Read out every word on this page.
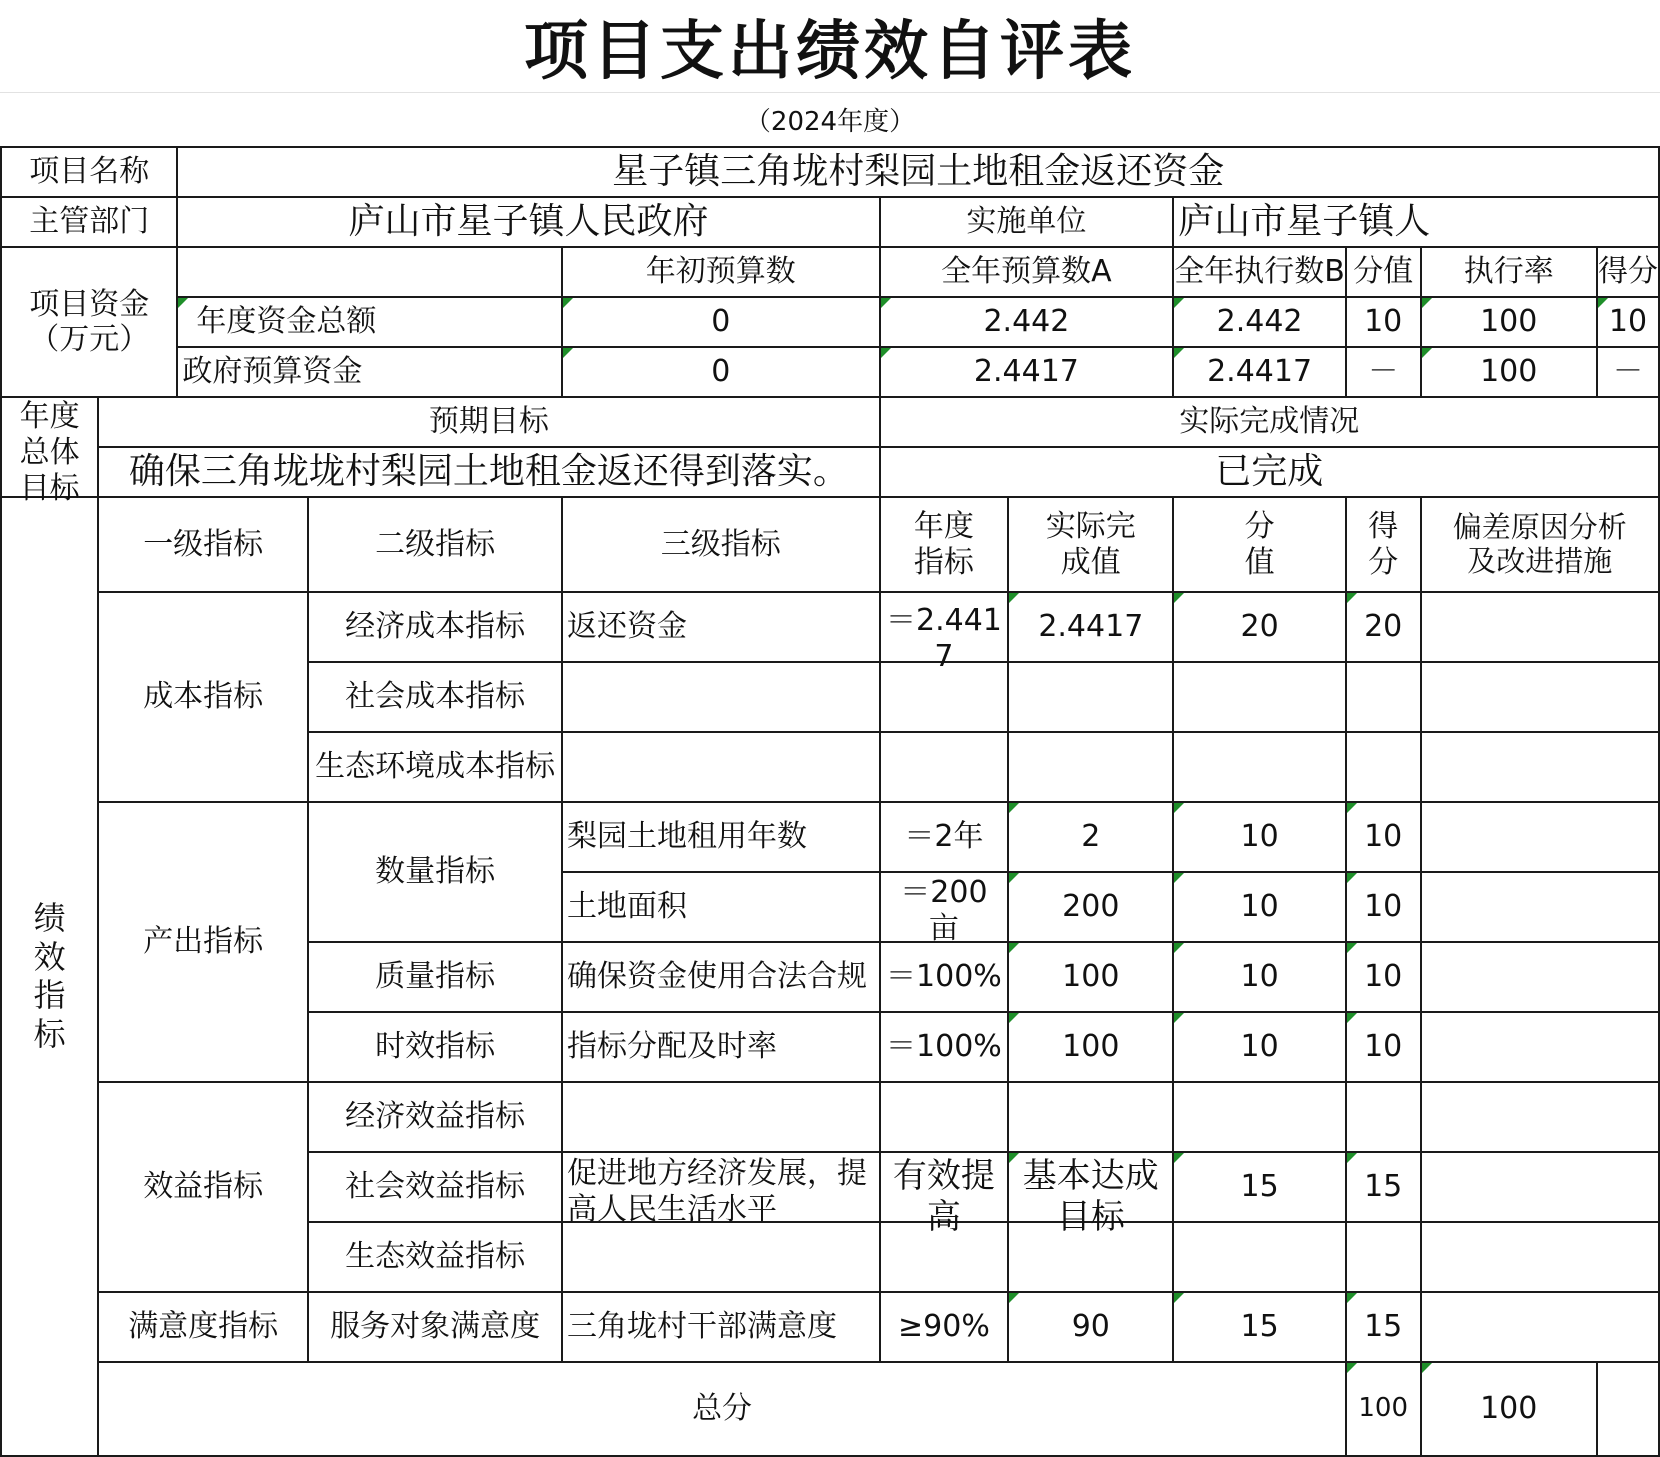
项目支出绩效自评表
（2024年度）
项目名称		星子镇三角垅村梨园土地租金返还资金								
主管部门		庐山市星子镇人民政府			实施单位		庐山市星子镇人			
项目资金（万元）				年初预算数	全年预算数A		全年执行数B	分值	执行率	得分
		年度资金总额		0	2.442		2.442	10	100	10
		政府预算资金		0	2.4417		2.4417	－	100	－

年度总体目标	预期目标				实际完成情况					
	确保三角垅垅村梨园土地租金返还得到落实。				已完成					
绩效指标	一级指标		二级指标	三级指标	年度指标	实际完成值	分值	得分	偏差原因分析及改进措施	
	成本指标		经济成本指标	返还资金	＝2.4417	2.4417	20	20		
			社会成本指标							
			生态环境成本指标							
	产出指标		数量指标	梨园土地租用年数	＝2年	2	10	10		
				土地面积	＝200亩	200	10	10		
			质量指标	确保资金使用合法合规	＝100%	100	10	10		
			时效指标	指标分配及时率	＝100%	100	10	10		
	效益指标		经济效益指标							
			社会效益指标	促进地方经济发展，提高人民生活水平	有效提高	基本达成目标	15	15		
			生态效益指标							
	满意度指标		服务对象满意度	三角垅村干部满意度	≥90%	90	15	15		
	总分							100	100	
